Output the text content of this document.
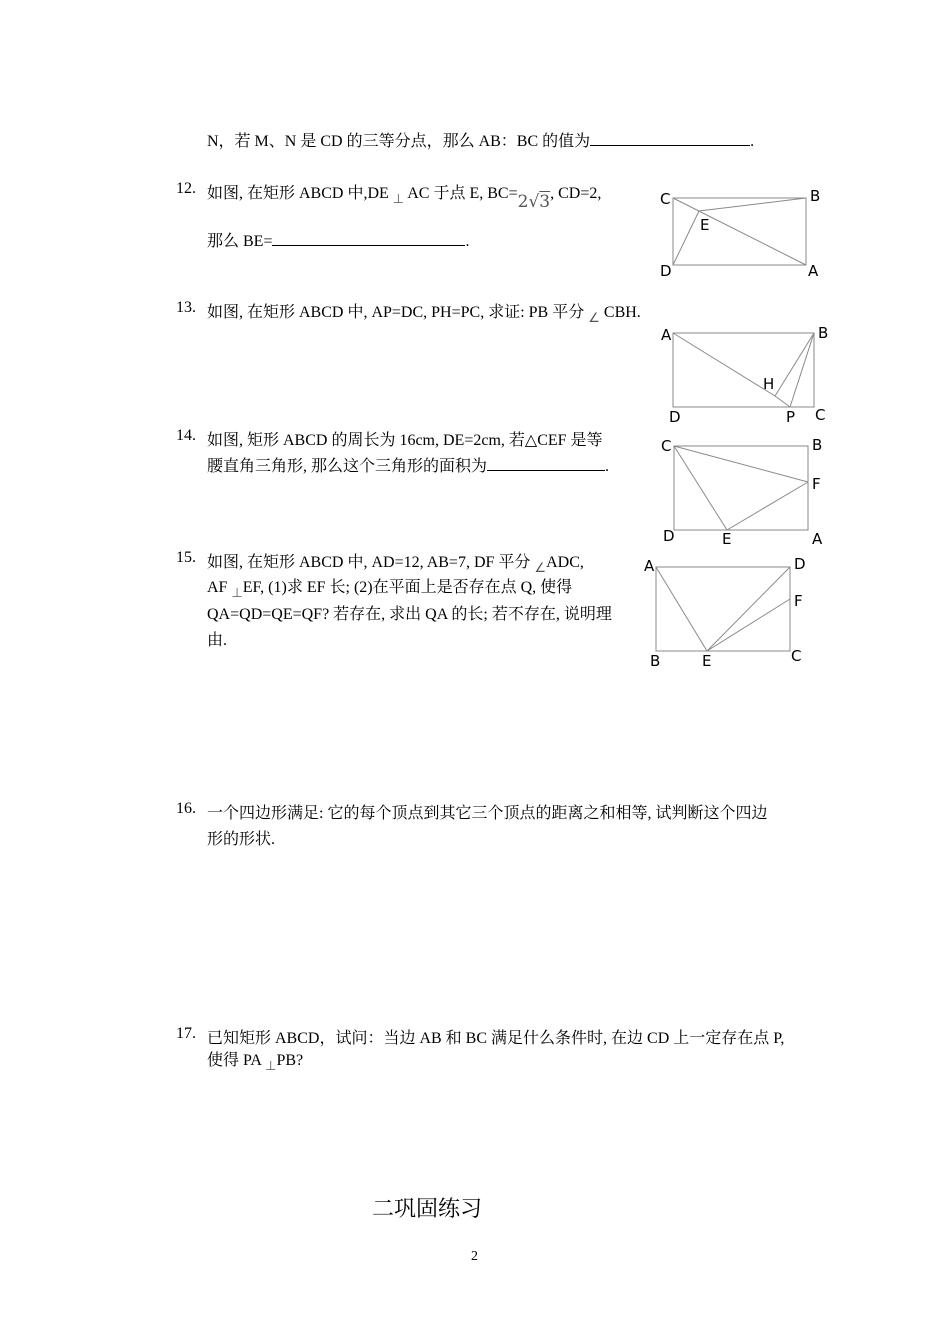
N，若 M、N 是 CD 的三等分点，那么 AB：BC 的值为	.
12. 如图, 在矩形 ABCD 中,DE $_\perp$ AC 于点 E, BC=2√3, CD=2,
那么 BE=	.
C	B
E
D	A
13. 如图, 在矩形 ABCD 中, AP=DC, PH=PC, 求证: PB 平分 $_\angle$ CBH.
A	B
H
D	P C
14. 如图, 矩形 ABCD 的周长为 16cm, DE=2cm, 若△CEF 是等
腰直角三角形, 那么这个三角形的面积为	.
C	B
F
D	E	A
15. 如图, 在矩形 ABCD 中, AD=12, AB=7, DF 平分 $_\angle$ADC,
AF $_\perp$EF, (1)求 EF 长; (2)在平面上是否存在点 Q, 使得
QA=QD=QE=QF? 若存在, 求出 QA 的长; 若不存在, 说明理
由.
A	D
F
B	E	C
16. 一个四边形满足: 它的每个顶点到其它三个顶点的距离之和相等, 试判断这个四边
形的形状.
17. 已知矩形 ABCD，试问：当边 AB 和 BC 满足什么条件时, 在边 CD 上一定存在点 P,
使得 PA $_\perp$PB?
二巩固练习
2
